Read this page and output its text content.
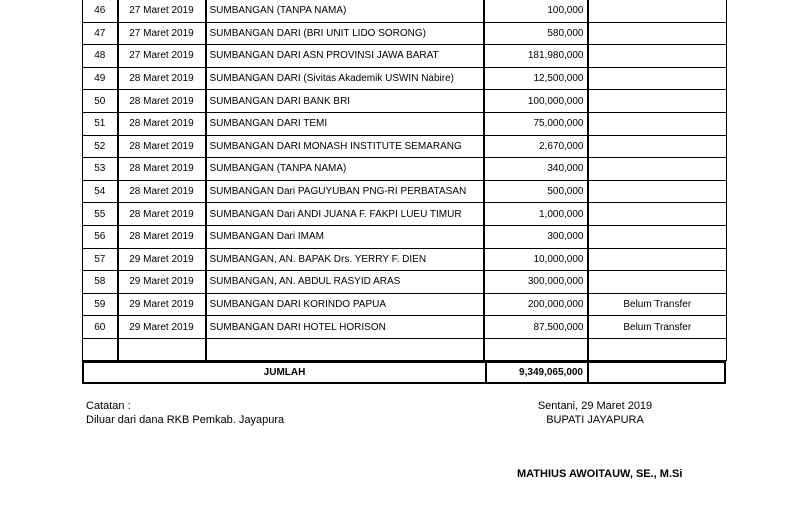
46	27 Maret 2019	SUMBANGAN (TANPA NAMA)	100,000	
47	27 Maret 2019	SUMBANGAN DARI (BRI UNIT LIDO SORONG)	580,000	
48	27 Maret 2019	SUMBANGAN DARI ASN PROVINSI JAWA BARAT	181,980,000	
49	28 Maret 2019	SUMBANGAN DARI (Sivitas Akademik USWIN Nabire)	12,500,000	
50	28 Maret 2019	SUMBANGAN DARI BANK BRI	100,000,000	
51	28 Maret 2019	SUMBANGAN DARI TEMI	75,000,000	
52	28 Maret 2019	SUMBANGAN DARI MONASH INSTITUTE SEMARANG	2,670,000	
53	28 Maret 2019	SUMBANGAN (TANPA NAMA)	340,000	
54	28 Maret 2019	SUMBANGAN Dari PAGUYUBAN PNG-RI PERBATASAN	500,000	
55	28 Maret 2019	SUMBANGAN Dari ANDI JUANA F. FAKPI LUEU TIMUR	1,000,000	
56	28 Maret 2019	SUMBANGAN Dari IMAM	300,000	
57	29 Maret 2019	SUMBANGAN, AN. BAPAK Drs. YERRY F. DIEN	10,000,000	
58	29 Maret 2019	SUMBANGAN, AN. ABDUL RASYID ARAS	300,000,000	
59	29 Maret 2019	SUMBANGAN DARI KORINDO PAPUA	200,000,000	Belum Transfer
60	29 Maret 2019	SUMBANGAN DARI HOTEL HORISON	87,500,000	Belum Transfer

JUMLAH	9,349,065,000
Catatan :
Diluar dari dana RKB Pemkab. Jayapura
Sentani, 29 Maret 2019
BUPATI JAYAPURA
MATHIUS AWOITAUW, SE., M.Si
